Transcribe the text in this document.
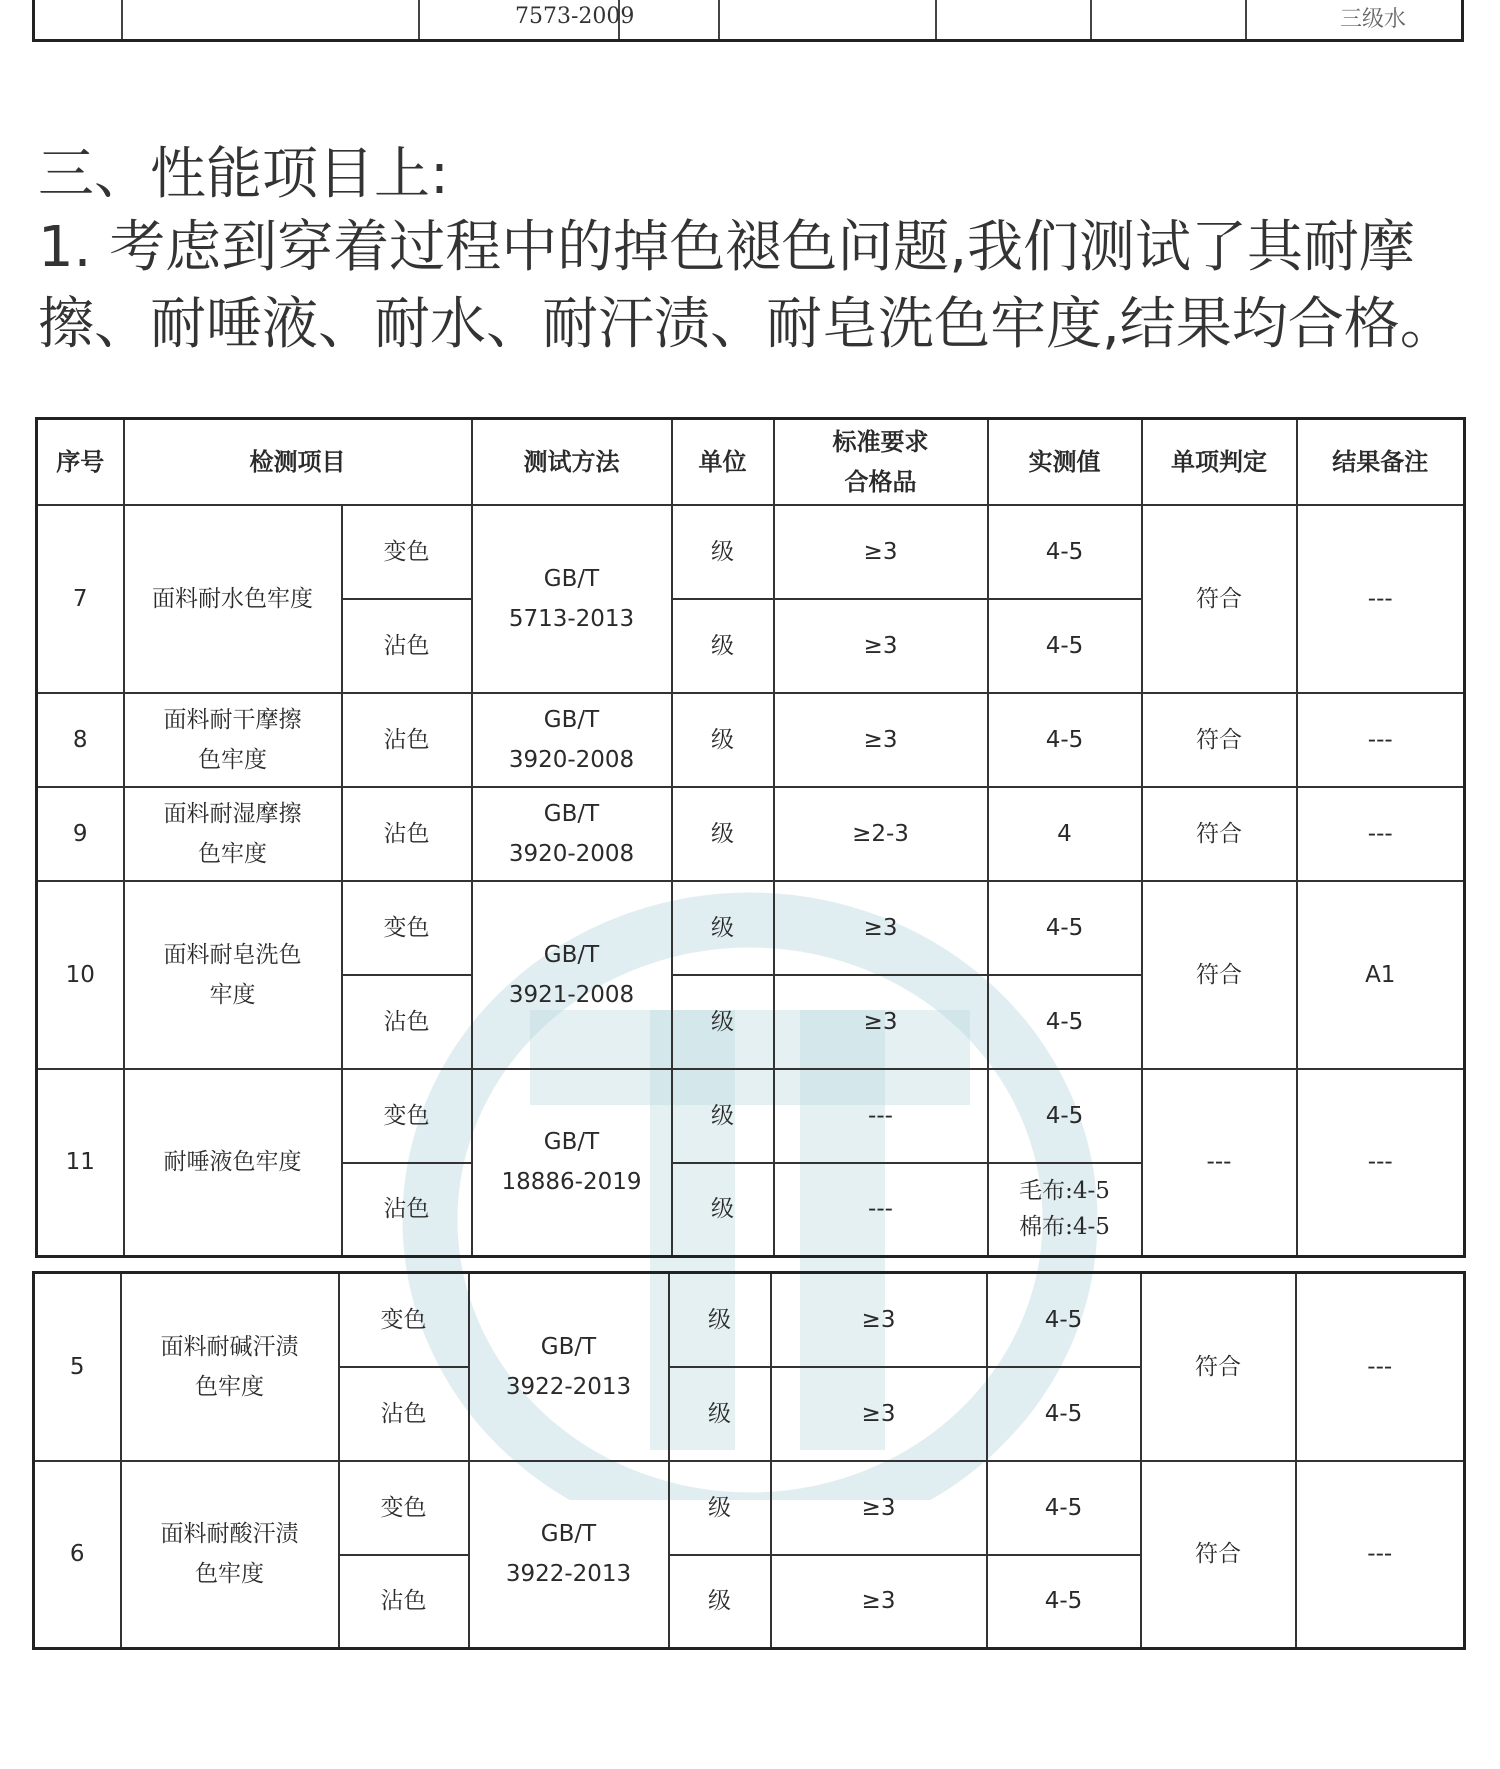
7573-2009	三级水
三、性能项目上:
1. 考虑到穿着过程中的掉色褪色问题,我们测试了其耐摩
擦、耐唾液、耐水、耐汗渍、耐皂洗色牢度,结果均合格。
序号	检测项目		测试方法	单位	标准要求
合格品	实测值	单项判定	结果备注
7	面料耐水色牢度	变色	GB/T
5713-2013	级	≥3	4-5	符合	---
		沾色		级	≥3	4-5		
8	面料耐干摩擦
色牢度	沾色	GB/T
3920-2008	级	≥3	4-5	符合	---
9	面料耐湿摩擦
色牢度	沾色	GB/T
3920-2008	级	≥2-3	4	符合	---
10	面料耐皂洗色
牢度	变色	GB/T
3921-2008	级	≥3	4-5	符合	A1
		沾色		级	≥3	4-5		
11	耐唾液色牢度	变色	GB/T
18886-2019	级	---	4-5	---	---
		沾色		级	---	毛布:4-5
棉布:4-5		
5	面料耐碱汗渍
色牢度	变色	GB/T
3922-2013	级	≥3	4-5	符合	---
		沾色		级	≥3	4-5		
6	面料耐酸汗渍
色牢度	变色	GB/T
3922-2013	级	≥3	4-5	符合	---
		沾色		级	≥3	4-5		
